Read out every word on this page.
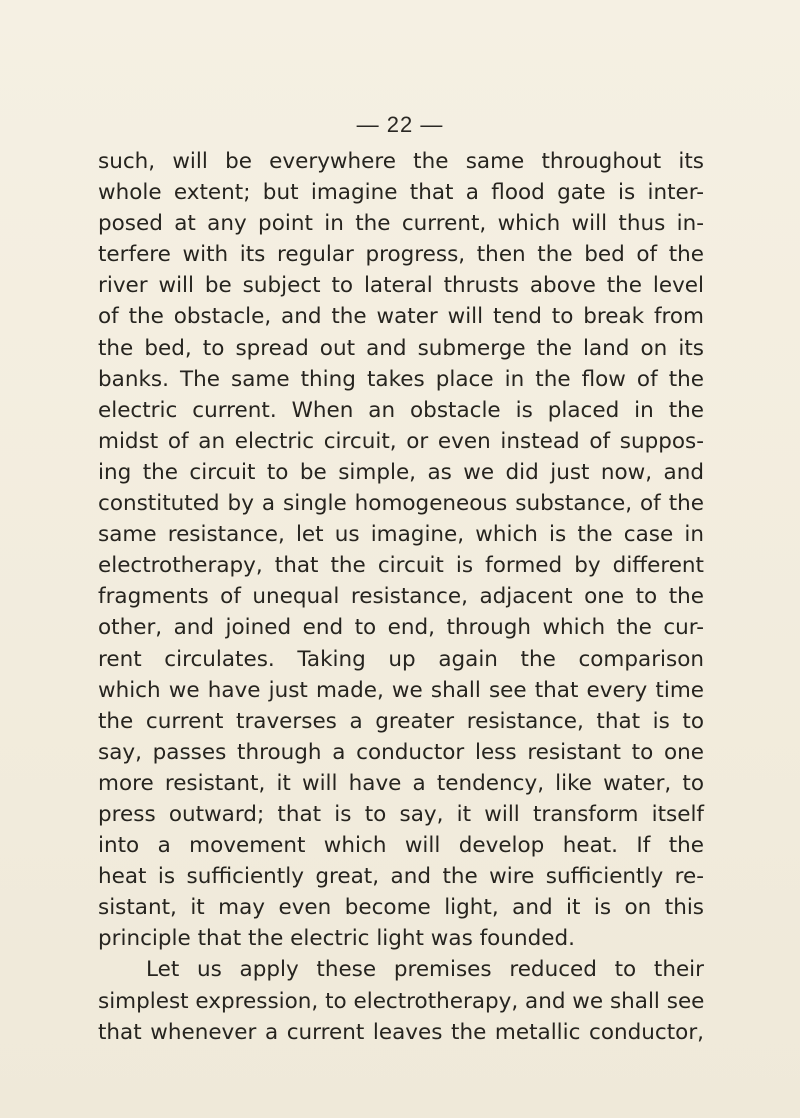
— 22 —
such, will be everywhere the same throughout its
whole extent; but imagine that a flood gate is inter-
posed at any point in the current, which will thus in-
terfere with its regular progress, then the bed of the
river will be subject to lateral thrusts above the level
of the obstacle, and the water will tend to break from
the bed, to spread out and submerge the land on its
banks. The same thing takes place in the flow of the
electric current. When an obstacle is placed in the
midst of an electric circuit, or even instead of suppos-
ing the circuit to be simple, as we did just now, and
constituted by a single homogeneous substance, of the
same resistance, let us imagine, which is the case in
electrotherapy, that the circuit is formed by different
fragments of unequal resistance, adjacent one to the
other, and joined end to end, through which the cur-
rent circulates. Taking up again the comparison
which we have just made, we shall see that every time
the current traverses a greater resistance, that is to
say, passes through a conductor less resistant to one
more resistant, it will have a tendency, like water, to
press outward; that is to say, it will transform itself
into a movement which will develop heat. If the
heat is sufficiently great, and the wire sufficiently re-
sistant, it may even become light, and it is on this
principle that the electric light was founded.
Let us apply these premises reduced to their
simplest expression, to electrotherapy, and we shall see
that whenever a current leaves the metallic conductor,
